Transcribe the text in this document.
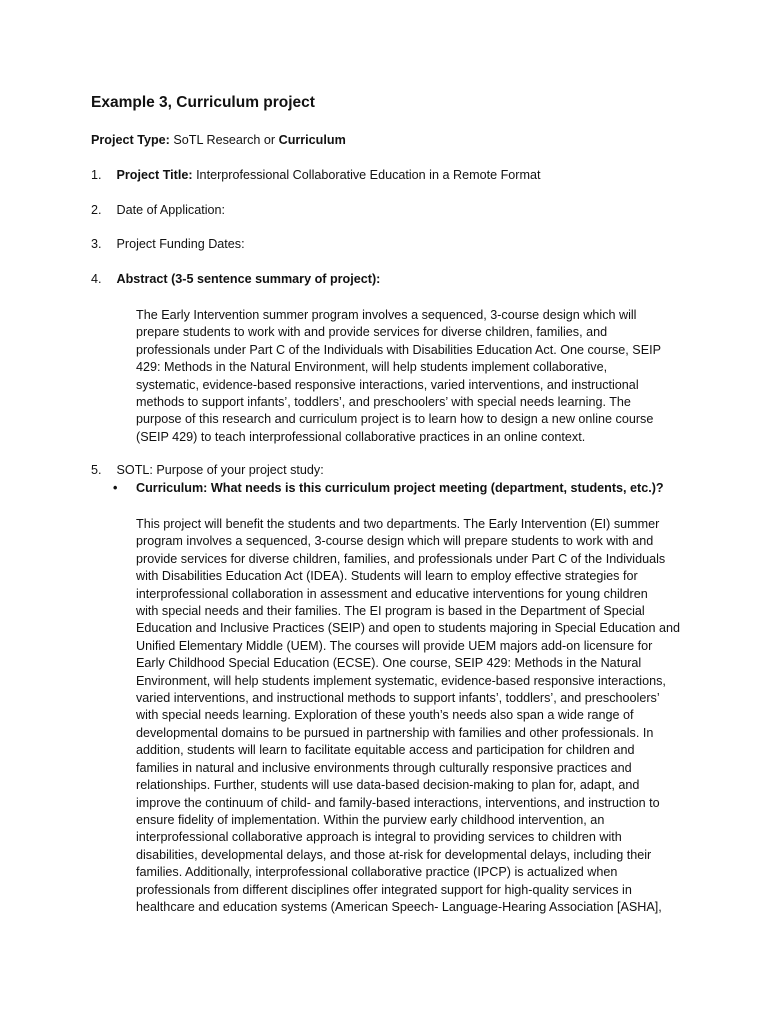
Example 3, Curriculum project
Project Type: SoTL Research or Curriculum
1. Project Title: Interprofessional Collaborative Education in a Remote Format
2. Date of Application:
3. Project Funding Dates:
4. Abstract (3-5 sentence summary of project):
The Early Intervention summer program involves a sequenced, 3-course design which will
prepare students to work with and provide services for diverse children, families, and
professionals under Part C of the Individuals with Disabilities Education Act. One course, SEIP
429: Methods in the Natural Environment, will help students implement collaborative,
systematic, evidence-based responsive interactions, varied interventions, and instructional
methods to support infants’, toddlers’, and preschoolers’ with special needs learning. The
purpose of this research and curriculum project is to learn how to design a new online course
(SEIP 429) to teach interprofessional collaborative practices in an online context.
5. SOTL: Purpose of your project study:
• Curriculum: What needs is this curriculum project meeting (department, students, etc.)?
This project will benefit the students and two departments. The Early Intervention (EI) summer
program involves a sequenced, 3-course design which will prepare students to work with and
provide services for diverse children, families, and professionals under Part C of the Individuals
with Disabilities Education Act (IDEA). Students will learn to employ effective strategies for
interprofessional collaboration in assessment and educative interventions for young children
with special needs and their families. The EI program is based in the Department of Special
Education and Inclusive Practices (SEIP) and open to students majoring in Special Education and
Unified Elementary Middle (UEM). The courses will provide UEM majors add-on licensure for
Early Childhood Special Education (ECSE). One course, SEIP 429: Methods in the Natural
Environment, will help students implement systematic, evidence-based responsive interactions,
varied interventions, and instructional methods to support infants’, toddlers’, and preschoolers’
with special needs learning. Exploration of these youth’s needs also span a wide range of
developmental domains to be pursued in partnership with families and other professionals. In
addition, students will learn to facilitate equitable access and participation for children and
families in natural and inclusive environments through culturally responsive practices and
relationships. Further, students will use data-based decision-making to plan for, adapt, and
improve the continuum of child- and family-based interactions, interventions, and instruction to
ensure fidelity of implementation. Within the purview early childhood intervention, an
interprofessional collaborative approach is integral to providing services to children with
disabilities, developmental delays, and those at-risk for developmental delays, including their
families. Additionally, interprofessional collaborative practice (IPCP) is actualized when
professionals from different disciplines offer integrated support for high-quality services in
healthcare and education systems (American Speech- Language-Hearing Association [ASHA],
